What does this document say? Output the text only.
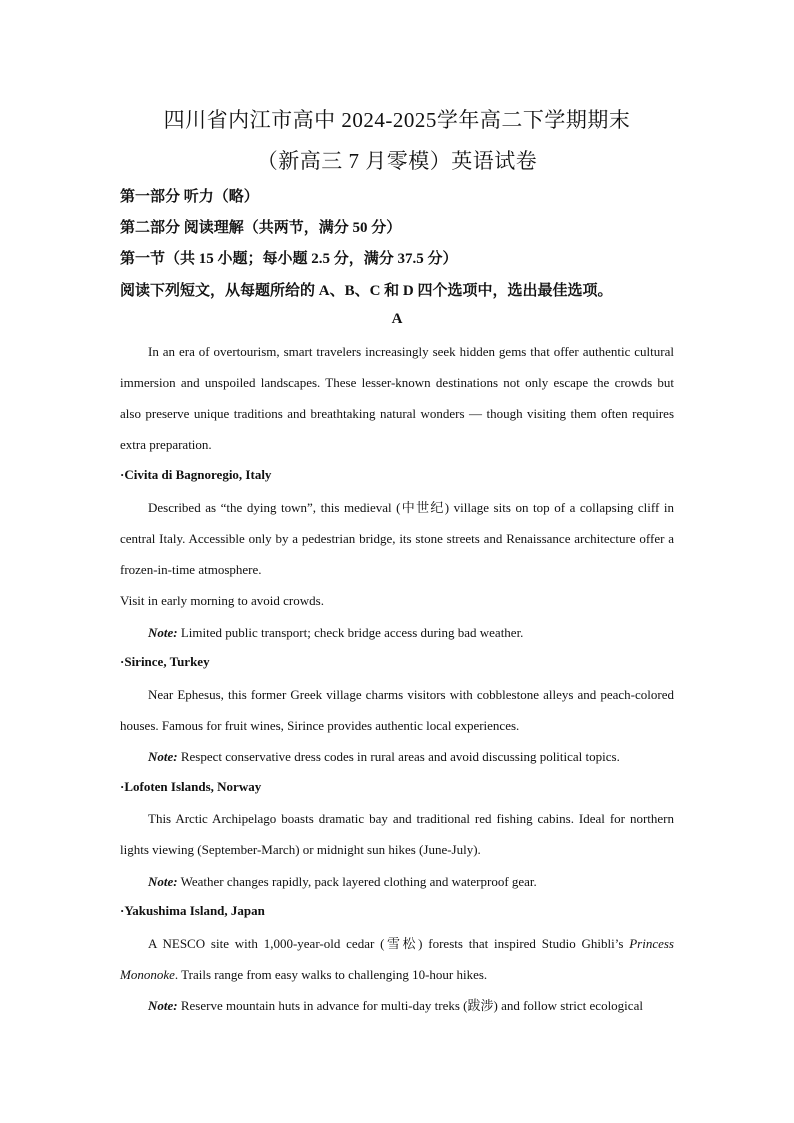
四川省内江市高中 2024-2025学年高二下学期期末
（新高三 7 月零模）英语试卷
第一部分 听力（略）
第二部分 阅读理解（共两节，满分 50 分）
第一节（共 15 小题；每小题 2.5 分，满分 37.5 分）
阅读下列短文，从每题所给的 A、B、C 和 D 四个选项中，选出最佳选项。
A
In an era of overtourism, smart travelers increasingly seek hidden gems that offer authentic cultural immersion and unspoiled landscapes. These lesser-known destinations not only escape the crowds but also preserve unique traditions and breathtaking natural wonders — though visiting them often requires extra preparation.
·Civita di Bagnoregio, Italy
Described as “the dying town”, this medieval (中世纪) village sits on top of a collapsing cliff in central Italy. Accessible only by a pedestrian bridge, its stone streets and Renaissance architecture offer a frozen-in-time atmosphere.
Visit in early morning to avoid crowds.
Note: Limited public transport; check bridge access during bad weather.
·Sirince, Turkey
Near Ephesus, this former Greek village charms visitors with cobblestone alleys and peach-colored houses. Famous for fruit wines, Sirince provides authentic local experiences.
Note: Respect conservative dress codes in rural areas and avoid discussing political topics.
·Lofoten Islands, Norway
This Arctic Archipelago boasts dramatic bay and traditional red fishing cabins. Ideal for northern lights viewing (September-March) or midnight sun hikes (June-July).
Note: Weather changes rapidly, pack layered clothing and waterproof gear.
·Yakushima Island, Japan
A NESCO site with 1,000-year-old cedar (雪松) forests that inspired Studio Ghibli’s Princess Mononoke. Trails range from easy walks to challenging 10-hour hikes.
Note: Reserve mountain huts in advance for multi-day treks (跋涉) and follow strict ecological
